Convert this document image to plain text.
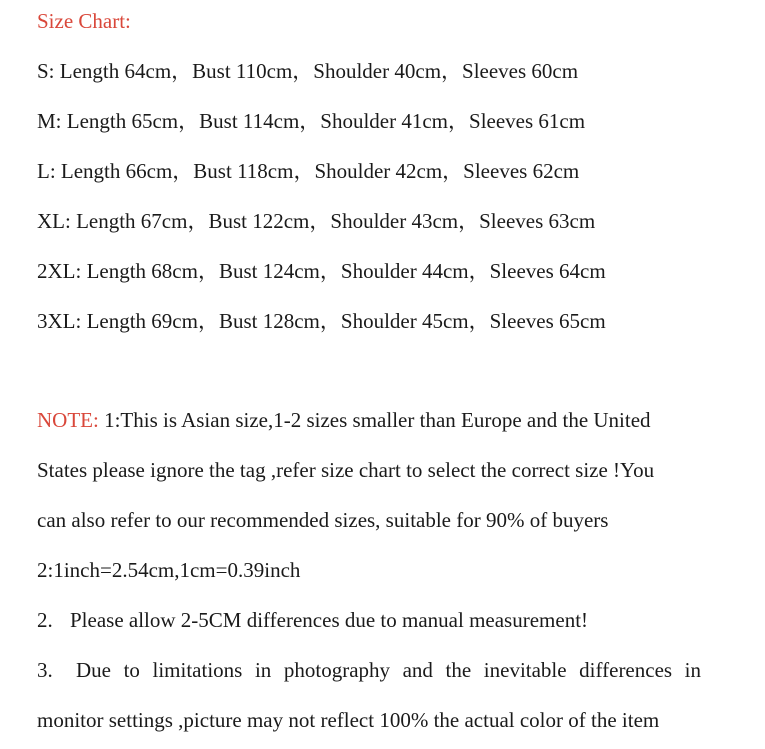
Size Chart:
S: Length 64cm，Bust 110cm，Shoulder 40cm，Sleeves 60cm
M: Length 65cm，Bust 114cm，Shoulder 41cm，Sleeves 61cm
L: Length 66cm，Bust 118cm，Shoulder 42cm，Sleeves 62cm
XL: Length 67cm，Bust 122cm，Shoulder 43cm，Sleeves 63cm
2XL: Length 68cm，Bust 124cm，Shoulder 44cm，Sleeves 64cm
3XL: Length 69cm，Bust 128cm，Shoulder 45cm，Sleeves 65cm
NOTE: 1:This is Asian size,1-2 sizes smaller than Europe and the United
States please ignore the tag ,refer size chart to select the correct size !You
can also refer to our recommended sizes, suitable for 90% of buyers
2:1inch=2.54cm,1cm=0.39inch
2. Please allow 2-5CM differences due to manual measurement!
3. Due to limitations in photography and the inevitable differences in
monitor settings ,picture may not reflect 100% the actual color of the item
